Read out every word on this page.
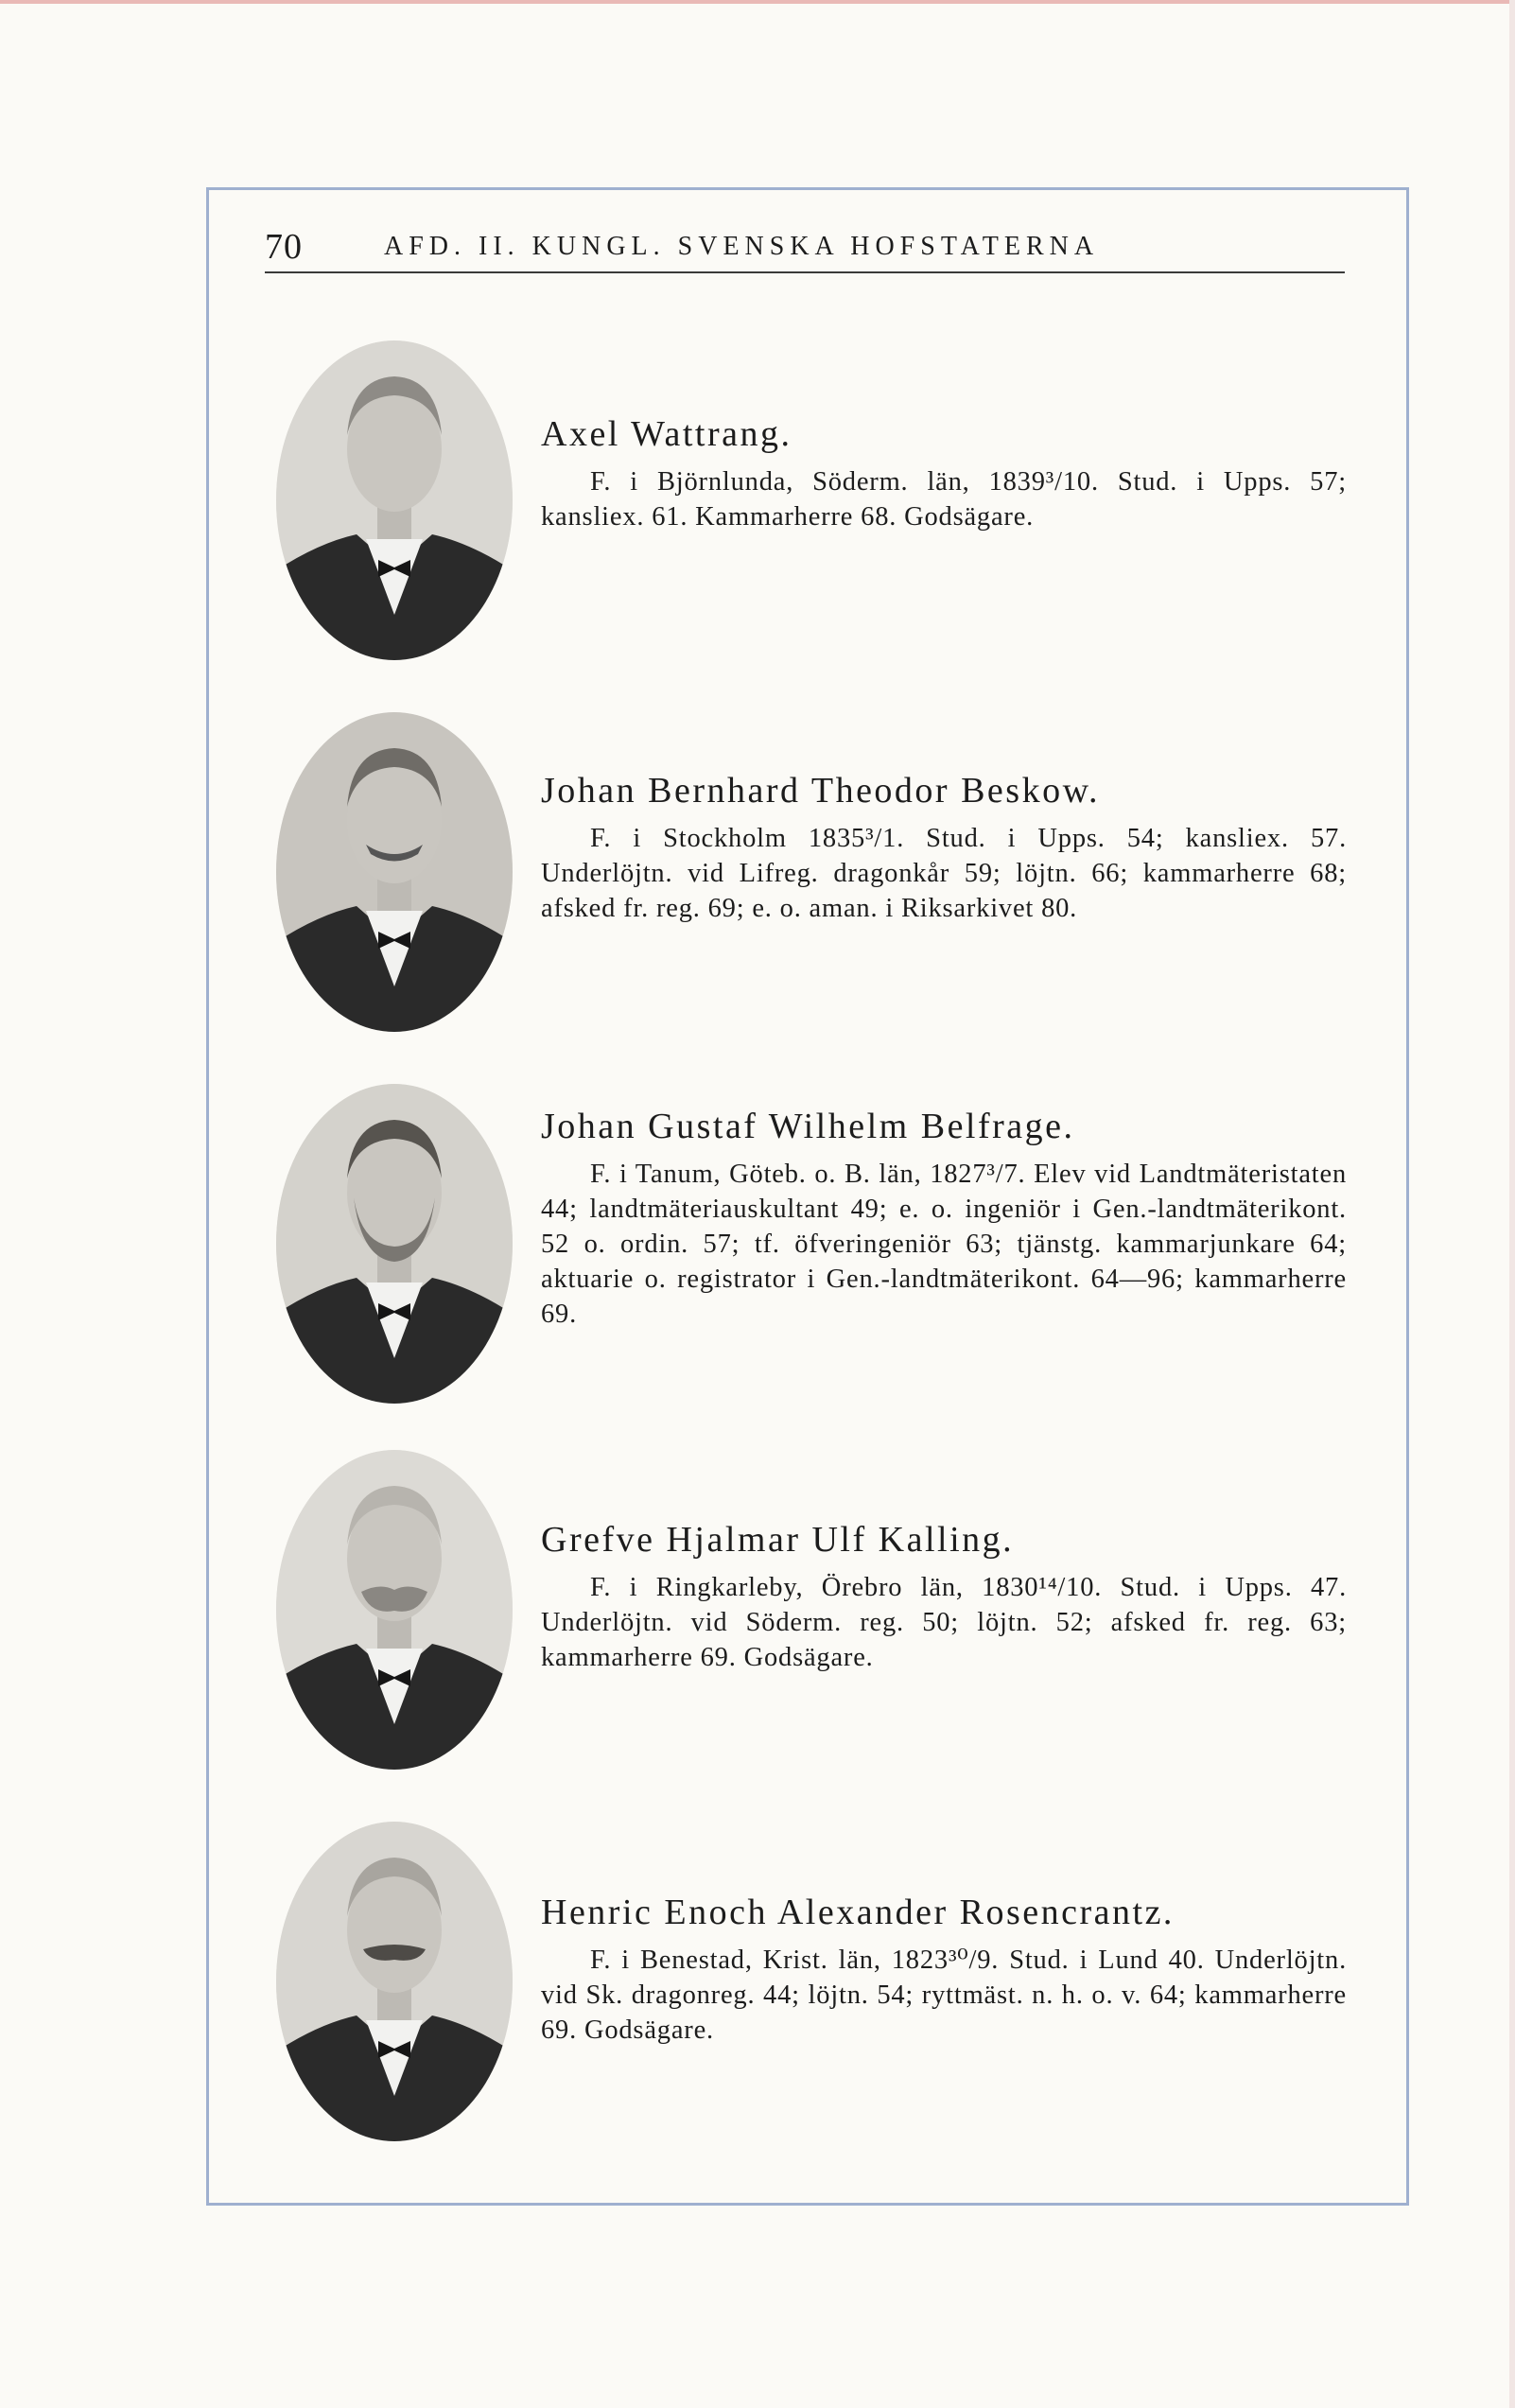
70	AFD. II. KUNGL. SVENSKA HOFSTATERNA
Axel Wattrang.
F. i Björnlunda, Söderm. län, 1839³/10. Stud. i Upps. 57; kansliex. 61. Kammarherre 68. Godsägare.
Johan Bernhard Theodor Beskow.
F. i Stockholm 1835³/1. Stud. i Upps. 54; kansliex. 57. Underlöjtn. vid Lifreg. dragonkår 59; löjtn. 66; kammarherre 68; afsked fr. reg. 69; e. o. aman. i Riksarkivet 80.
Johan Gustaf Wilhelm Belfrage.
F. i Tanum, Göteb. o. B. län, 1827³/7. Elev vid Landtmäteristaten 44; landtmäteriauskultant 49; e. o. ingeniör i Gen.-landtmäterikont. 52 o. ordin. 57; tf. öfveringeniör 63; tjänstg. kammarjunkare 64; aktuarie o. registrator i Gen.-landtmäterikont. 64—96; kammarherre 69.
Grefve Hjalmar Ulf Kalling.
F. i Ringkarleby, Örebro län, 1830¹⁴/10. Stud. i Upps. 47. Underlöjtn. vid Söderm. reg. 50; löjtn. 52; afsked fr. reg. 63; kammarherre 69. Godsägare.
Henric Enoch Alexander Rosencrantz.
F. i Benestad, Krist. län, 1823³⁰/9. Stud. i Lund 40. Underlöjtn. vid Sk. dragonreg. 44; löjtn. 54; ryttmäst. n. h. o. v. 64; kammarherre 69. Godsägare.
